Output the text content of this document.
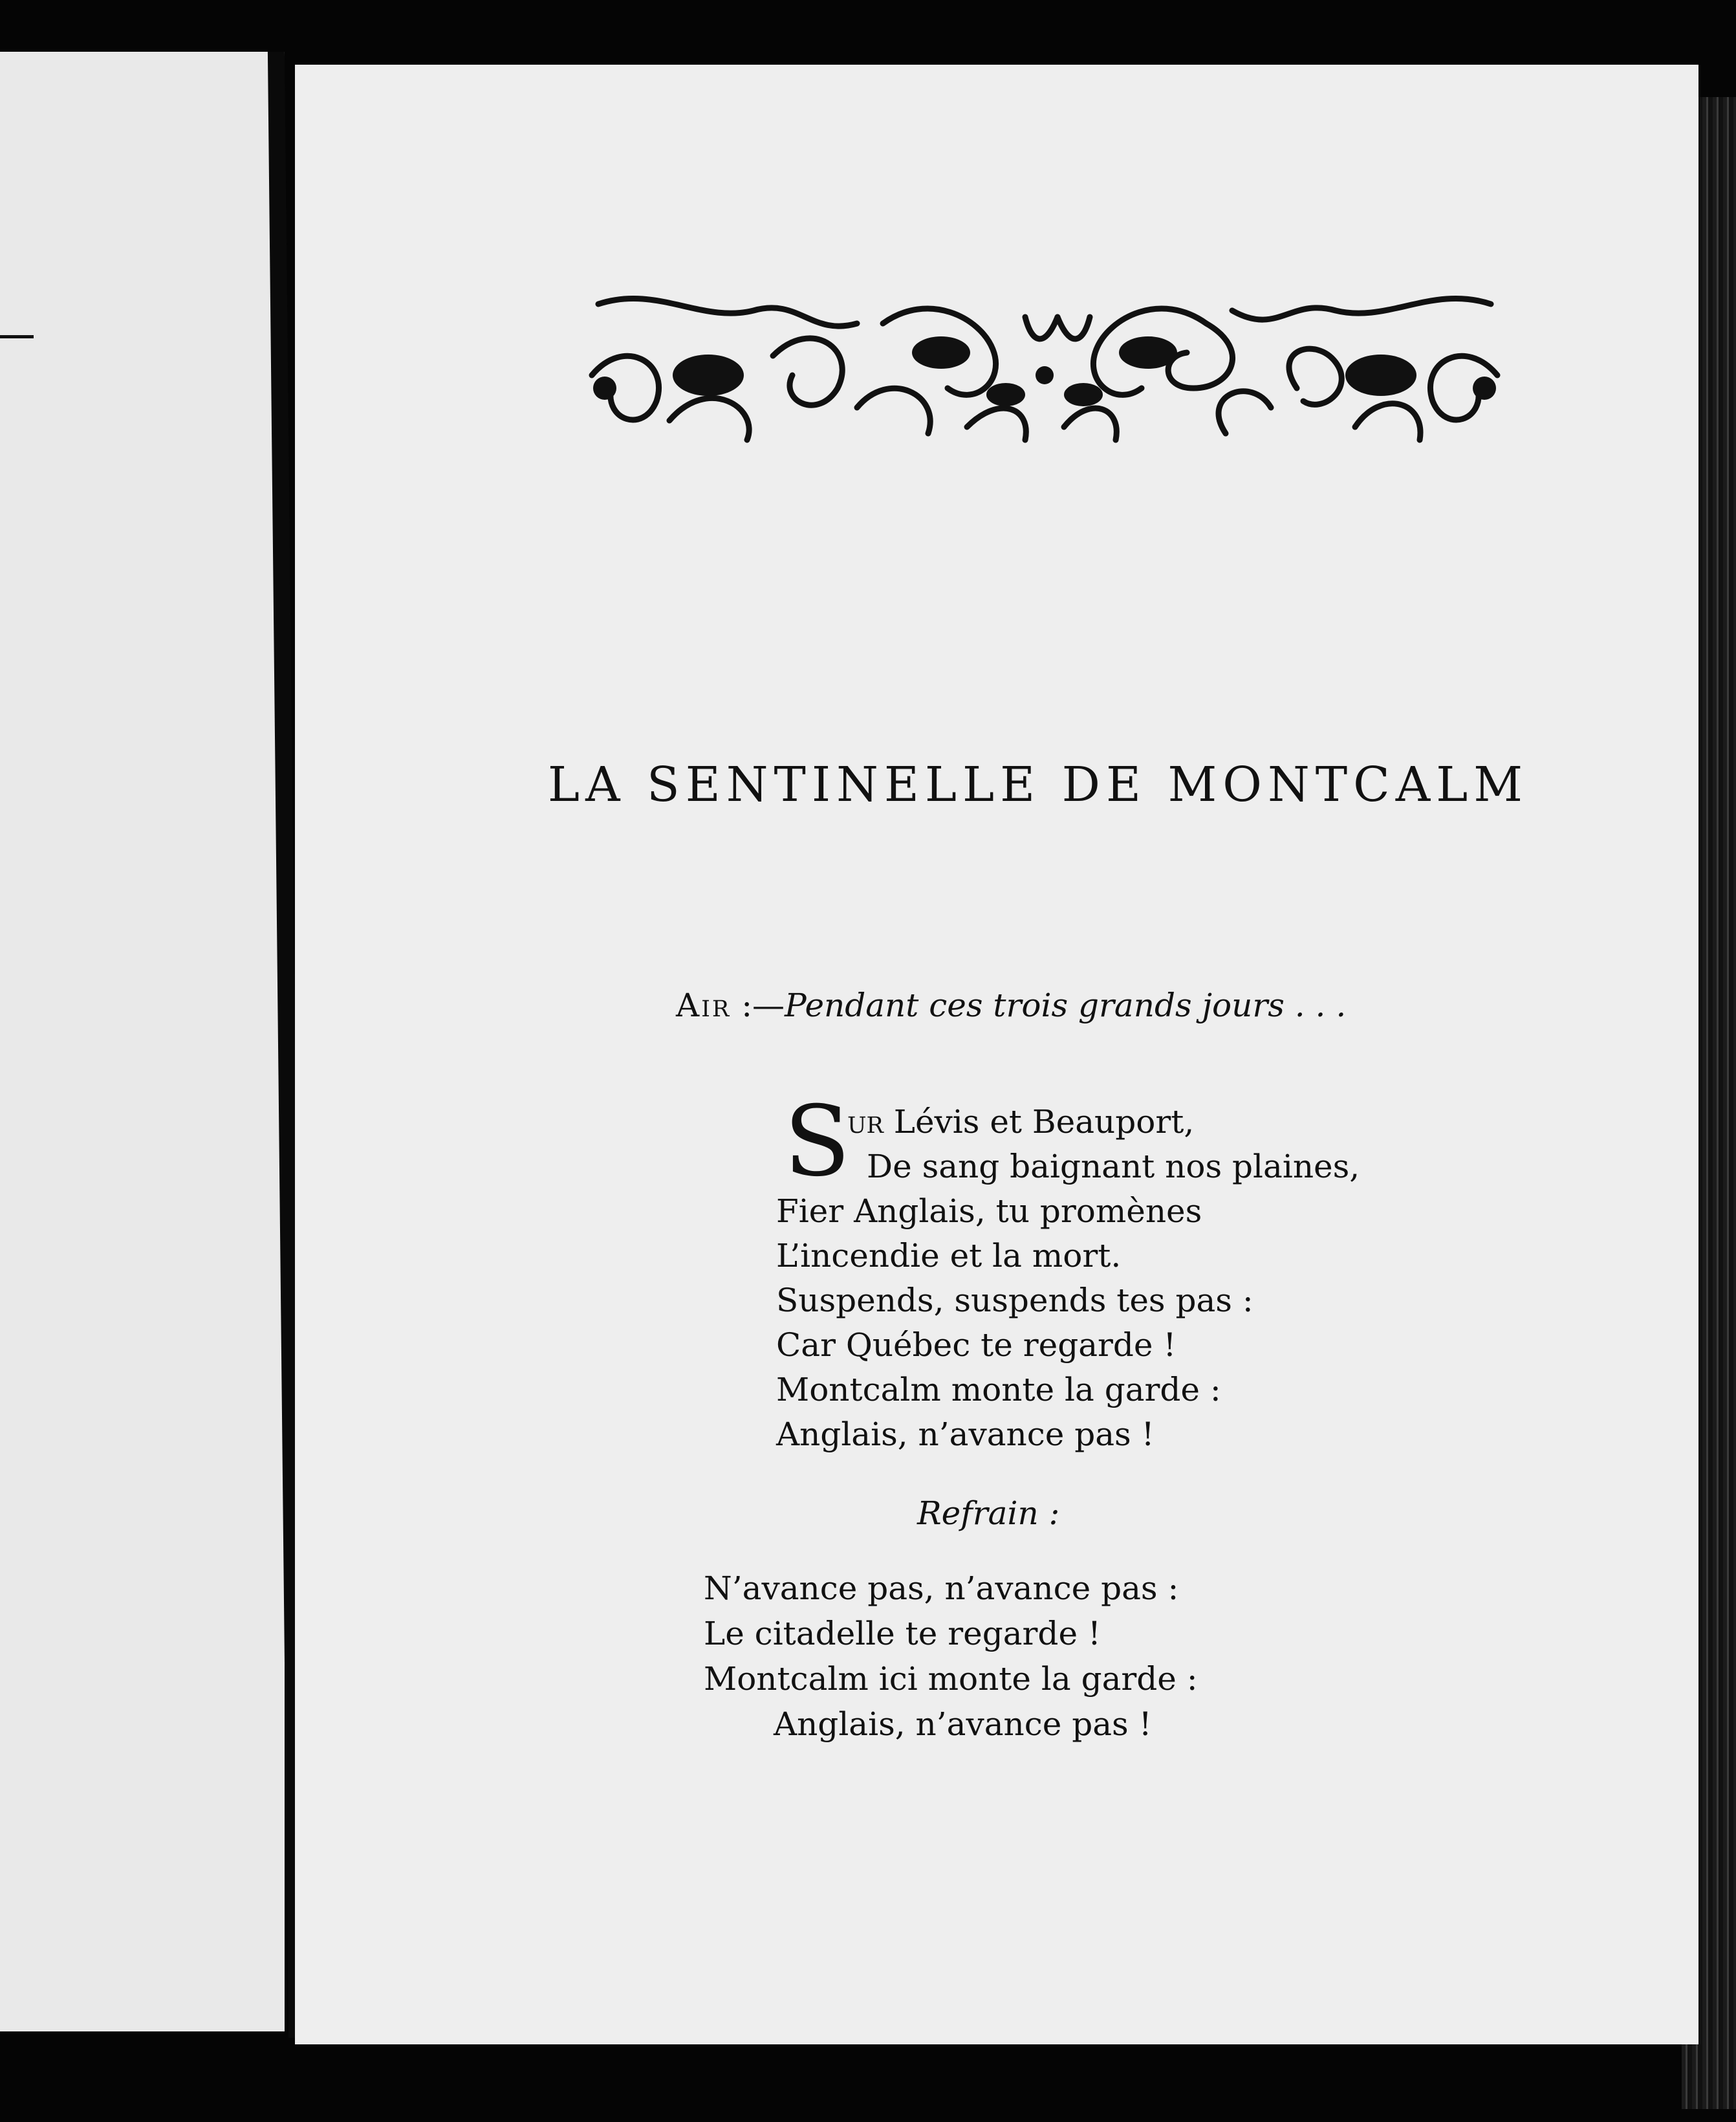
LA SENTINELLE DE MONTCALM
Air :—Pendant ces trois grands jours . . .
S
ur Lévis et Beauport,
De sang baignant nos plaines,
Fier Anglais, tu promènes
L’incendie et la mort.
Suspends, suspends tes pas :
Car Québec te regarde !
Montcalm monte la garde :
Anglais, n’avance pas !
Refrain :
N’avance pas, n’avance pas :
Le citadelle te regarde !
Montcalm ici monte la garde :
Anglais, n’avance pas !
